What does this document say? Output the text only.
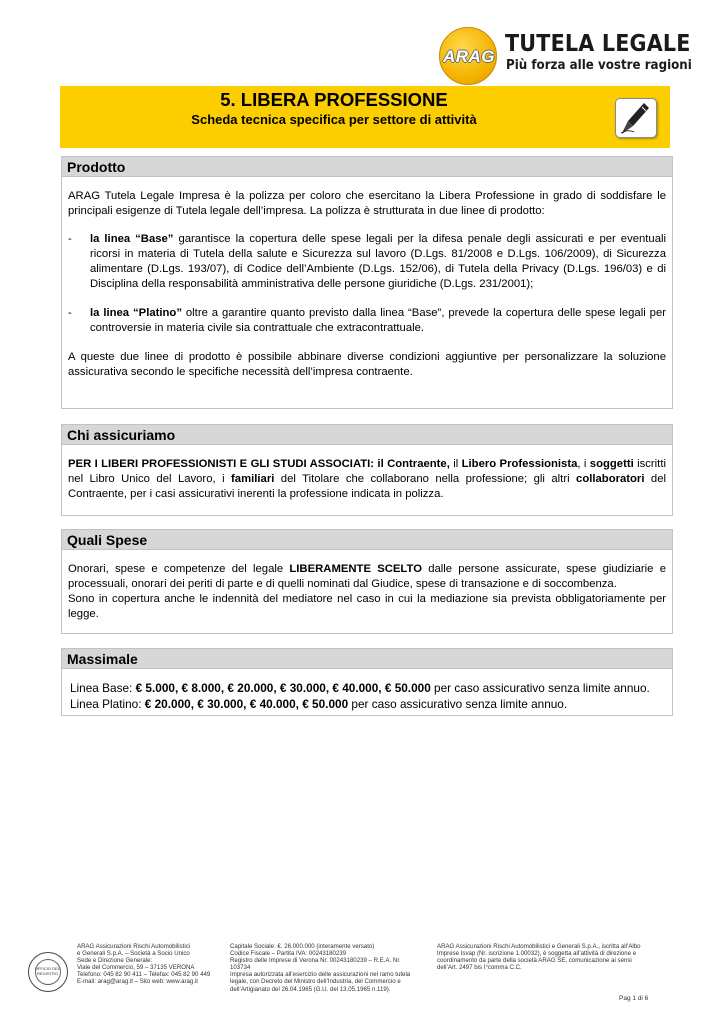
ARAG TUTELA LEGALE
Più forza alle vostre ragioni
5. LIBERA PROFESSIONE
Scheda tecnica specifica per settore di attività
Prodotto

ARAG Tutela Legale Impresa è la polizza per coloro che esercitano la Libera Professione in grado di soddisfare le principali esigenze di Tutela legale dell’impresa. La polizza è strutturata in due linee di prodotto:

- la linea “Base” garantisce la copertura delle spese legali per la difesa penale degli assicurati e per eventuali ricorsi in materia di Tutela della salute e Sicurezza sul lavoro (D.Lgs. 81/2008 e D.Lgs. 106/2009), di Sicurezza alimentare (D.Lgs. 193/07), di Codice dell’Ambiente (D.Lgs. 152/06), di Tutela della Privacy (D.Lgs. 196/03) e di Disciplina della responsabilità amministrativa delle persone giuridiche (D.Lgs. 231/2001);
- la linea “Platino” oltre a garantire quanto previsto dalla linea “Base”, prevede la copertura delle spese legali per controversie in materia civile sia contrattuale che extracontrattuale.

A queste due linee di prodotto è possibile abbinare diverse condizioni aggiuntive per personalizzare la soluzione assicurativa secondo le specifiche necessità dell’impresa contraente.

Chi assicuriamo

PER I LIBERI PROFESSIONISTI E GLI STUDI ASSOCIATI: il Contraente, il Libero Professionista, i soggetti iscritti nel Libro Unico del Lavoro, i familiari del Titolare che collaborano nella professione; gli altri collaboratori del Contraente, per i casi assicurativi inerenti la professione indicata in polizza.

Quali Spese

Onorari, spese e competenze del legale LIBERAMENTE SCELTO dalle persone assicurate, spese giudiziarie e processuali, onorari dei periti di parte e di quelli nominati dal Giudice, spese di transazione e di soccombenza.

Sono in copertura anche le indennità del mediatore nel caso in cui la mediazione sia prevista obbligatoriamente per legge.

Massimale

Linea Base: € 5.000, € 8.000, € 20.000, € 30.000, € 40.000, € 50.000 per caso assicurativo senza limite annuo.

Linea Platino: € 20.000, € 30.000, € 40.000, € 50.000 per caso assicurativo senza limite annuo.

UFFICIO DEL REGISTRO
ARAG Assicurazioni Rischi Automobilistici
e Generali S.p.A. – Società a Socio Unico
Sede e Direzione Generale:
Viale del Commercio, 59 – 37135 VERONA
Telefono: 045 82 90 411 – Telefax: 045 82 90 449
E-mail: arag@arag.it – Sito web: www.arag.it
Capitale Sociale: €. 26.000.000 (interamente versato)
Codice Fiscale – Partita IVA: 00243180239
Registro delle Imprese di Verona Nr. 00243180239 – R.E.A. Nr.
103734
Impresa autorizzata all’esercizio delle assicurazioni nel ramo tutela
legale, con Decreto del Ministro dell’Industria, del Commercio e
dell’Artigianato del 26.04.1965 (G.U. del 13.05.1965 n.119).
ARAG Assicurazioni Rischi Automobilistici e Generali S.p.A., iscritta all’Albo
Imprese Isvap (Nr. iscrizione 1.00032), è soggetta all’attività di direzione e
coordinamento da parte della società ARAG SE, comunicazione ai sensi
dell’Art. 2497 bis I°comma C.C.
Pag 1 di 6
